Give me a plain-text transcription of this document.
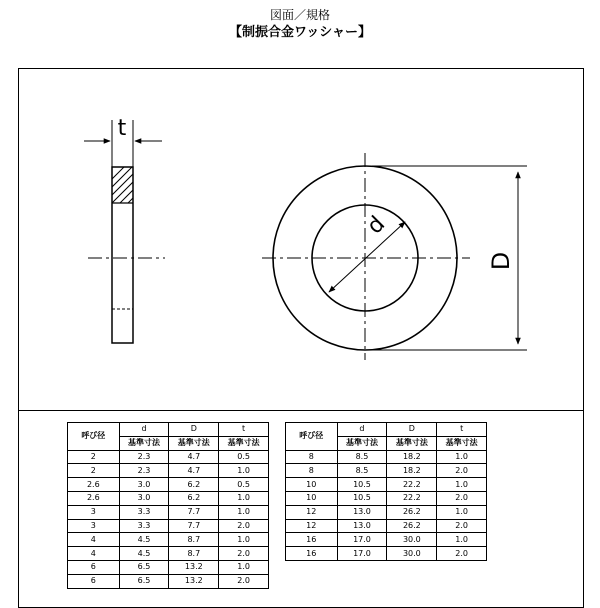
図面／規格
【制振合金ワッシャー】
t
d
D
呼び径	d	D	t
	基準寸法	基準寸法	基準寸法
2	2.3	4.7	0.5
2	2.3	4.7	1.0
2.6	3.0	6.2	0.5
2.6	3.0	6.2	1.0
3	3.3	7.7	1.0
3	3.3	7.7	2.0
4	4.5	8.7	1.0
4	4.5	8.7	2.0
6	6.5	13.2	1.0
6	6.5	13.2	2.0
呼び径	d	D	t
	基準寸法	基準寸法	基準寸法
8	8.5	18.2	1.0
8	8.5	18.2	2.0
10	10.5	22.2	1.0
10	10.5	22.2	2.0
12	13.0	26.2	1.0
12	13.0	26.2	2.0
16	17.0	30.0	1.0
16	17.0	30.0	2.0
